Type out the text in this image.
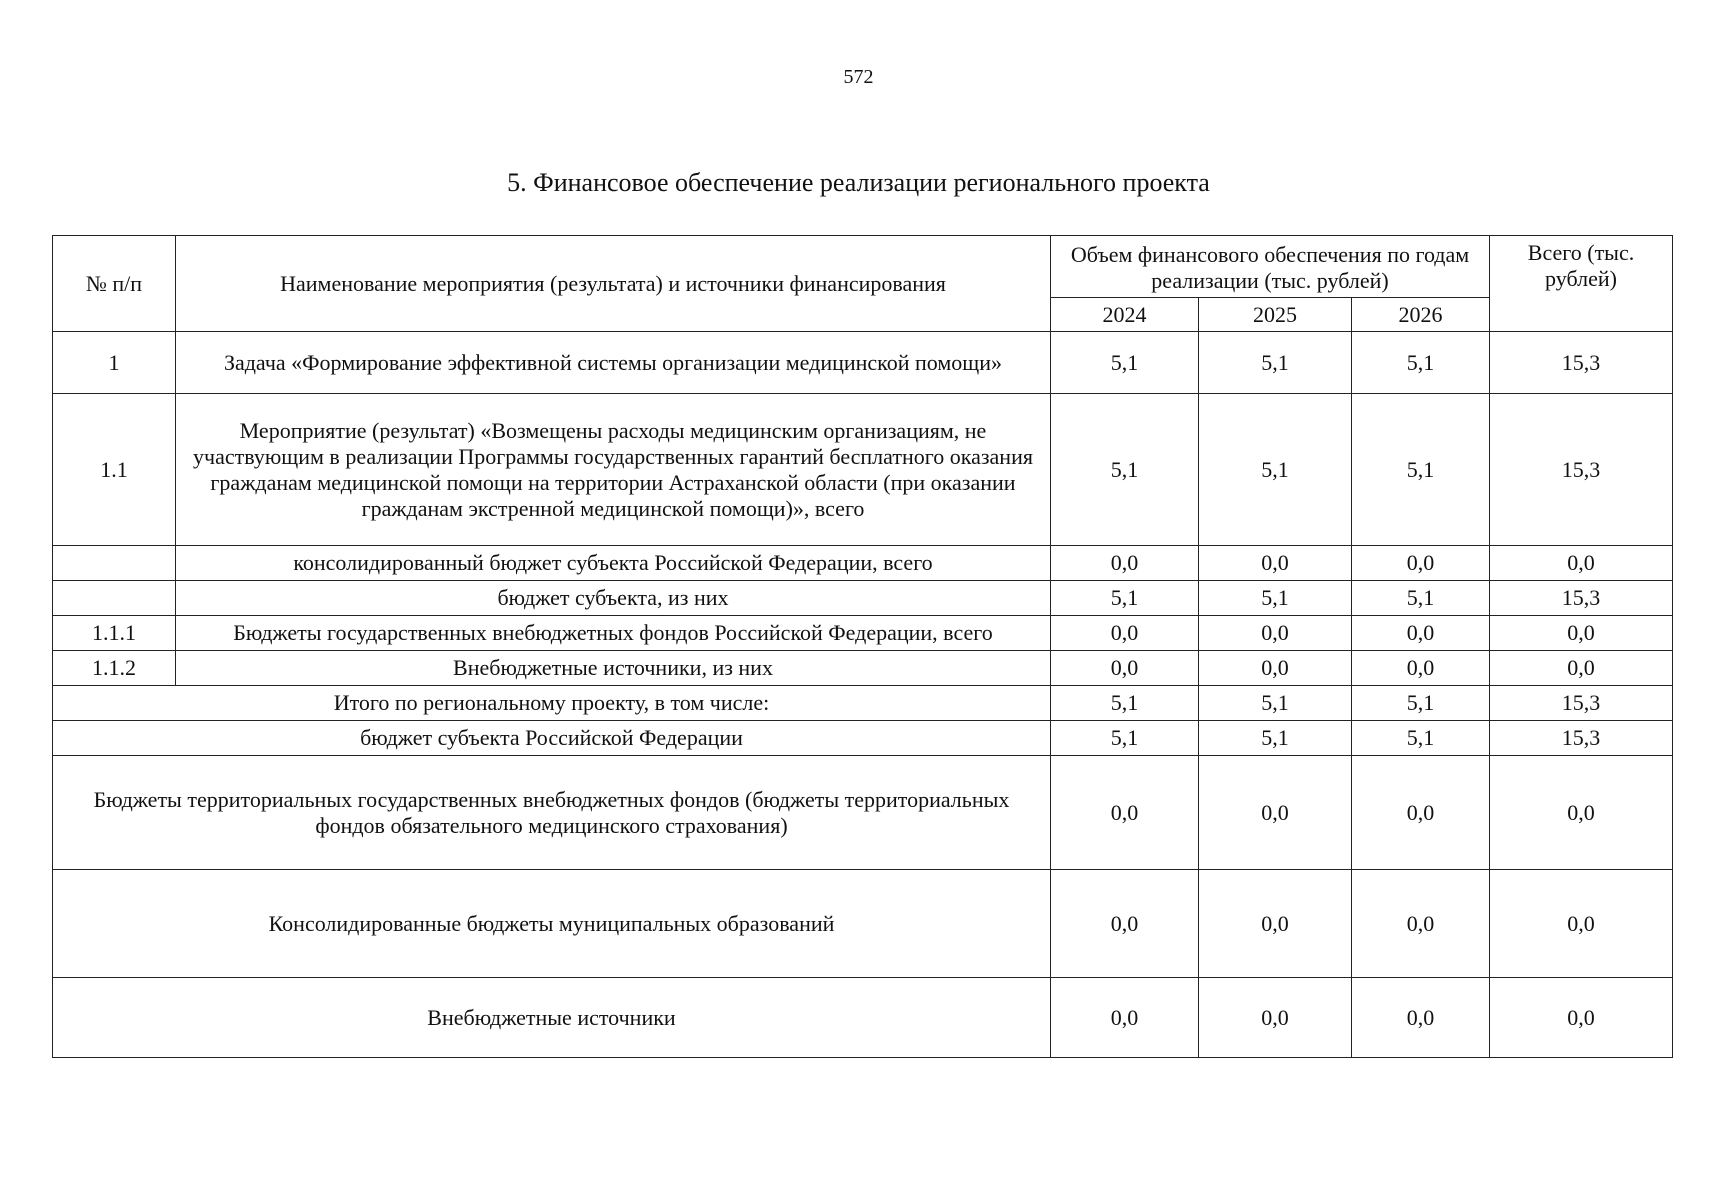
572
5. Финансовое обеспечение реализации регионального проекта
№ п/п	Наименование мероприятия (результата) и источники финансирования	Объем финансового обеспечения по годам реализации (тыс. рублей)			Всего (тыс. рублей)
		2024	2025	2026	
1	Задача «Формирование эффективной системы организации медицинской помощи»	5,1	5,1	5,1	15,3
1.1	Мероприятие (результат) «Возмещены расходы медицинским организациям, не участвующим в реализации Программы государственных гарантий бесплатного оказания гражданам медицинской помощи на территории Астраханской области (при оказании гражданам экстренной медицинской помощи)», всего	5,1	5,1	5,1	15,3
	консолидированный бюджет субъекта Российской Федерации, всего	0,0	0,0	0,0	0,0
	бюджет субъекта, из них	5,1	5,1	5,1	15,3
1.1.1	Бюджеты государственных внебюджетных фондов Российской Федерации, всего	0,0	0,0	0,0	0,0
1.1.2	Внебюджетные источники, из них	0,0	0,0	0,0	0,0
Итого по региональному проекту, в том числе:		5,1	5,1	5,1	15,3
бюджет субъекта Российской Федерации		5,1	5,1	5,1	15,3
Бюджеты территориальных государственных внебюджетных фондов (бюджеты территориальных фондов обязательного медицинского страхования)		0,0	0,0	0,0	0,0
Консолидированные бюджеты муниципальных образований		0,0	0,0	0,0	0,0
Внебюджетные источники		0,0	0,0	0,0	0,0
